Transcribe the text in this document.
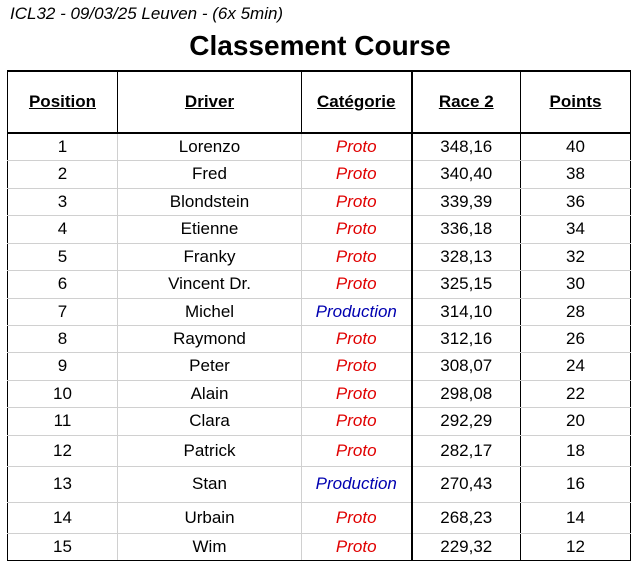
ICL32 - 09/03/25 Leuven - (6x 5min)
Classement Course
Position	Driver	Catégorie	Race 2	Points
1	Lorenzo	Proto	348,16	40
2	Fred	Proto	340,40	38
3	Blondstein	Proto	339,39	36
4	Etienne	Proto	336,18	34
5	Franky	Proto	328,13	32
6	Vincent Dr.	Proto	325,15	30
7	Michel	Production	314,10	28
8	Raymond	Proto	312,16	26
9	Peter	Proto	308,07	24
10	Alain	Proto	298,08	22
11	Clara	Proto	292,29	20
12	Patrick	Proto	282,17	18
13	Stan	Production	270,43	16
14	Urbain	Proto	268,23	14
15	Wim	Proto	229,32	12
